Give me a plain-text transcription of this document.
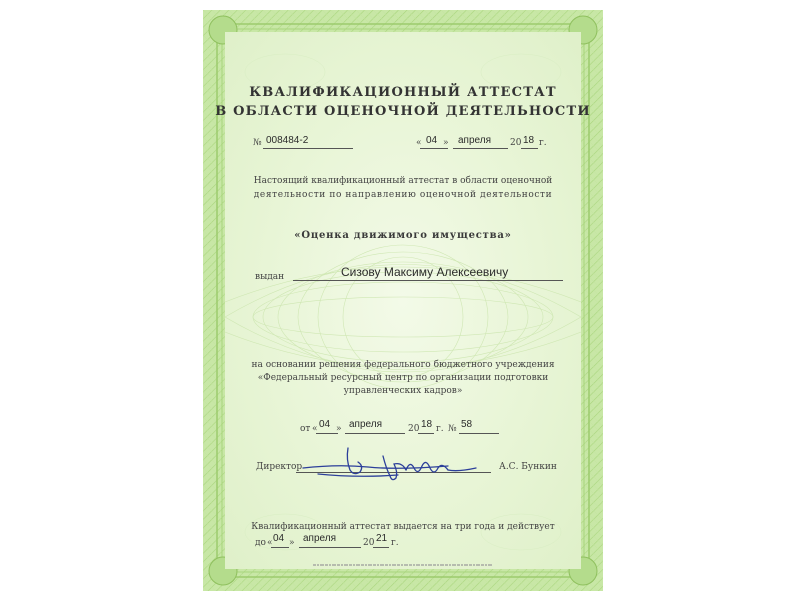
КВАЛИФИКАЦИОННЫЙ АТТЕСТАТ
В ОБЛАСТИ ОЦЕНОЧНОЙ ДЕЯТЕЛЬНОСТИ
№ 008484-2	« 04 » апреля 20 18 г.
Настоящий квалификационный аттестат в области оценочной
деятельности по направлению оценочной деятельности
«Оценка движимого имущества»
выдан	Сизову Максиму Алексеевичу
на основании решения федерального бюджетного учреждения
«Федеральный ресурсный центр по организации подготовки
управленческих кадров»
от « 04 » апреля	20 18 г. № 58
Директор	А.С. Бункин
Квалификационный аттестат выдается на три года и действует
до « 04 » апреля	20 21 г.
